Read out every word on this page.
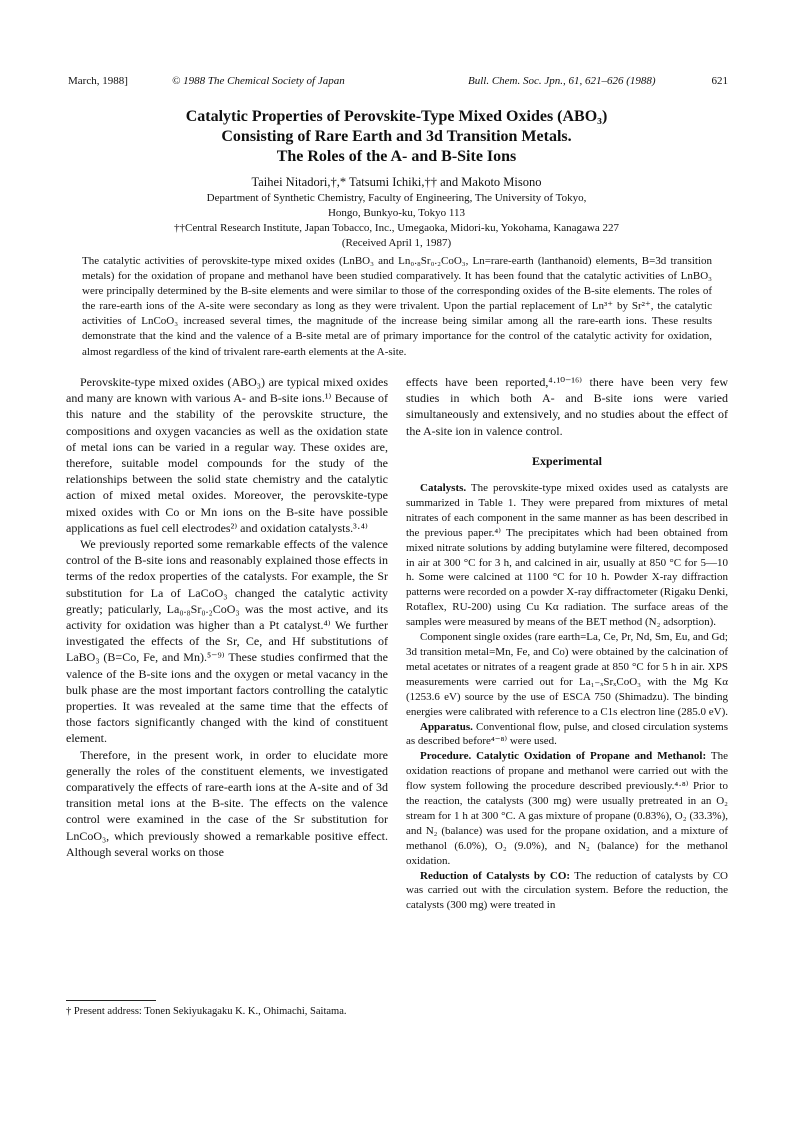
March, 1988]	© 1988 The Chemical Society of Japan	Bull. Chem. Soc. Jpn., 61, 621–626 (1988)	621
Catalytic Properties of Perovskite-Type Mixed Oxides (ABO₃)
Consisting of Rare Earth and 3d Transition Metals.
The Roles of the A- and B-Site Ions
Taihei Nitadori,†,* Tatsumi Ichiki,†† and Makoto Misono
Department of Synthetic Chemistry, Faculty of Engineering, The University of Tokyo,
Hongo, Bunkyo-ku, Tokyo 113
††Central Research Institute, Japan Tobacco, Inc., Umegaoka, Midori-ku, Yokohama, Kanagawa 227
(Received April 1, 1987)
The catalytic activities of perovskite-type mixed oxides (LnBO₃ and Ln₀.₈Sr₀.₂CoO₃, Ln=rare-earth (lanthanoid) elements, B=3d transition metals) for the oxidation of propane and methanol have been studied comparatively. It has been found that the catalytic activities of LnBO₃ were principally determined by the B-site elements and were similar to those of the corresponding oxides of the B-site elements. The roles of the rare-earth ions of the A-site were secondary as long as they were trivalent. Upon the partial replacement of Ln³⁺ by Sr²⁺, the catalytic activities of LnCoO₃ increased several times, the magnitude of the increase being similar among all the rare-earth ions. These results demonstrate that the kind and the valence of a B-site metal are of primary importance for the control of the catalytic activity for oxidation, almost regardless of the kind of trivalent rare-earth elements at the A-site.

Perovskite-type mixed oxides (ABO₃) are typical mixed oxides and many are known with various A- and B-site ions.¹⁾ Because of this nature and the stability of the perovskite structure, the compositions and oxygen vacancies as well as the oxidation state of metal ions can be varied in a regular way. These oxides are, therefore, suitable model compounds for the study of the relationships between the solid state chemistry and the catalytic action of mixed metal oxides. Moreover, the perovskite-type mixed oxides with Co or Mn ions on the B-site have possible applications as fuel cell electrodes²⁾ and oxidation catalysts.³·⁴⁾

We previously reported some remarkable effects of the valence control of the B-site ions and reasonably explained those effects in terms of the redox properties of the catalysts. For example, the Sr substitution for La of LaCoO₃ changed the catalytic activity greatly; paticularly, La₀.₈Sr₀.₂CoO₃ was the most active, and its activity for oxidation was higher than a Pt catalyst.⁴⁾ We further investigated the effects of the Sr, Ce, and Hf substitutions of LaBO₃ (B=Co, Fe, and Mn).⁵⁻⁹⁾ These studies confirmed that the valence of the B-site ions and the oxygen or metal vacancy in the bulk phase are the most important factors controlling the catalytic properties. It was revealed at the same time that the effects of those factors significantly changed with the kind of constituent element.

Therefore, in the present work, in order to elucidate more generally the roles of the constituent elements, we investigated comparatively the effects of rare-earth ions at the A-site and of 3d transition metal ions at the B-site. The effects on the valence control were examined in the case of the Sr substitution for LnCoO₃, which previously showed a remarkable positive effect. Although several works on those

† Present address: Tonen Sekiyukagaku K. K., Ohimachi, Saitama.

effects have been reported,⁴·¹⁰⁻¹⁶⁾ there have been very few studies in which both A- and B-site ions were varied simultaneously and extensively, and no studies about the effect of the A-site ion in valence control.

Experimental

Catalysts. The perovskite-type mixed oxides used as catalysts are summarized in Table 1. They were prepared from mixtures of metal nitrates of each component in the same manner as has been described in the previous paper.⁴⁾ The precipitates which had been obtained from mixed nitrate solutions by adding butylamine were filtered, decomposed in air at 300 °C for 3 h, and calcined in air, usually at 850 °C for 5—10 h. Some were calcined at 1100 °C for 10 h. Powder X-ray diffraction patterns were recorded on a powder X-ray diffractometer (Rigaku Denki, Rotaflex, RU-200) using Cu Kα radiation. The surface areas of the samples were measured by means of the BET method (N₂ adsorption).

Component single oxides (rare earth=La, Ce, Pr, Nd, Sm, Eu, and Gd; 3d transition metal=Mn, Fe, and Co) were obtained by the calcination of metal acetates or nitrates of a reagent grade at 850 °C for 5 h in air. XPS measurements were carried out for La₁₋ₓSrₓCoO₃ with the Mg Kα (1253.6 eV) source by the use of ESCA 750 (Shimadzu). The binding energies were calibrated with reference to a C1s electron line (285.0 eV).

Apparatus. Conventional flow, pulse, and closed circulation systems as described before⁴⁻⁸⁾ were used.

Procedure. Catalytic Oxidation of Propane and Methanol: The oxidation reactions of propane and methanol were carried out with the flow system following the procedure described previously.⁴·⁸⁾ Prior to the reaction, the catalysts (300 mg) were usually pretreated in an O₂ stream for 1 h at 300 °C. A gas mixture of propane (0.83%), O₂ (33.3%), and N₂ (balance) was used for the propane oxidation, and a mixture of methanol (6.0%), O₂ (9.0%), and N₂ (balance) for the methanol oxidation.

Reduction of Catalysts by CO: The reduction of catalysts by CO was carried out with the circulation system. Before the reduction, the catalysts (300 mg) were treated in
